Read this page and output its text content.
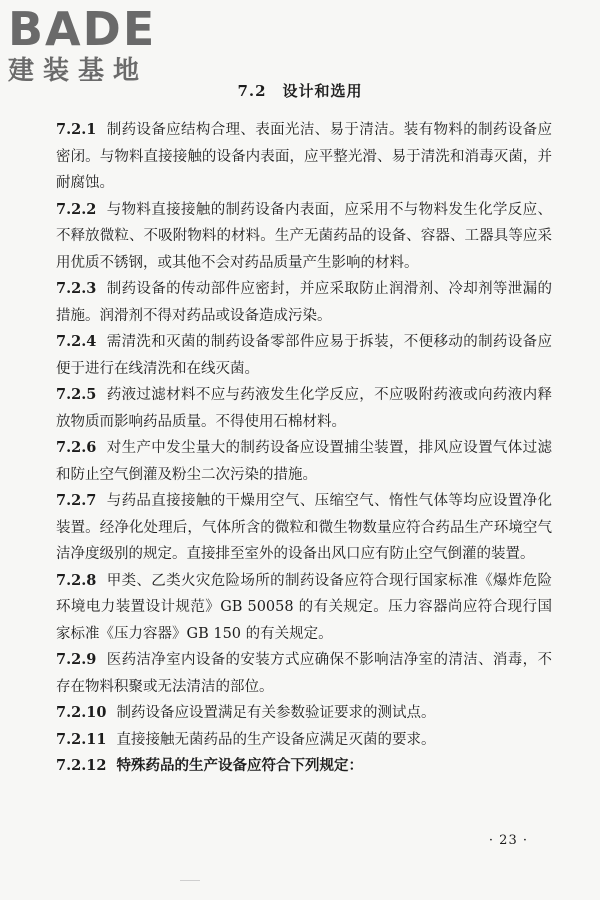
BADE
建装基地
7.2  设计和选用

7.2.1 制药设备应结构合理、表面光洁、易于清洁。装有物料的制药设备应密闭。与物料直接接触的设备内表面，应平整光滑、易于清洗和消毒灭菌，并耐腐蚀。

7.2.2 与物料直接接触的制药设备内表面，应采用不与物料发生化学反应、不释放微粒、不吸附物料的材料。生产无菌药品的设备、容器、工器具等应采用优质不锈钢，或其他不会对药品质量产生影响的材料。

7.2.3 制药设备的传动部件应密封，并应采取防止润滑剂、冷却剂等泄漏的措施。润滑剂不得对药品或设备造成污染。

7.2.4 需清洗和灭菌的制药设备零部件应易于拆装，不便移动的制药设备应便于进行在线清洗和在线灭菌。

7.2.5 药液过滤材料不应与药液发生化学反应，不应吸附药液或向药液内释放物质而影响药品质量。不得使用石棉材料。

7.2.6 对生产中发尘量大的制药设备应设置捕尘装置，排风应设置气体过滤和防止空气倒灌及粉尘二次污染的措施。

7.2.7 与药品直接接触的干燥用空气、压缩空气、惰性气体等均应设置净化装置。经净化处理后，气体所含的微粒和微生物数量应符合药品生产环境空气洁净度级别的规定。直接排至室外的设备出风口应有防止空气倒灌的装置。

7.2.8 甲类、乙类火灾危险场所的制药设备应符合现行国家标准《爆炸危险环境电力装置设计规范》GB 50058 的有关规定。压力容器尚应符合现行国家标准《压力容器》GB 150 的有关规定。

7.2.9 医药洁净室内设备的安装方式应确保不影响洁净室的清洁、消毒，不存在物料积聚或无法清洁的部位。

7.2.10 制药设备应设置满足有关参数验证要求的测试点。

7.2.11 直接接触无菌药品的生产设备应满足灭菌的要求。

7.2.12 特殊药品的生产设备应符合下列规定：

· 23 ·
